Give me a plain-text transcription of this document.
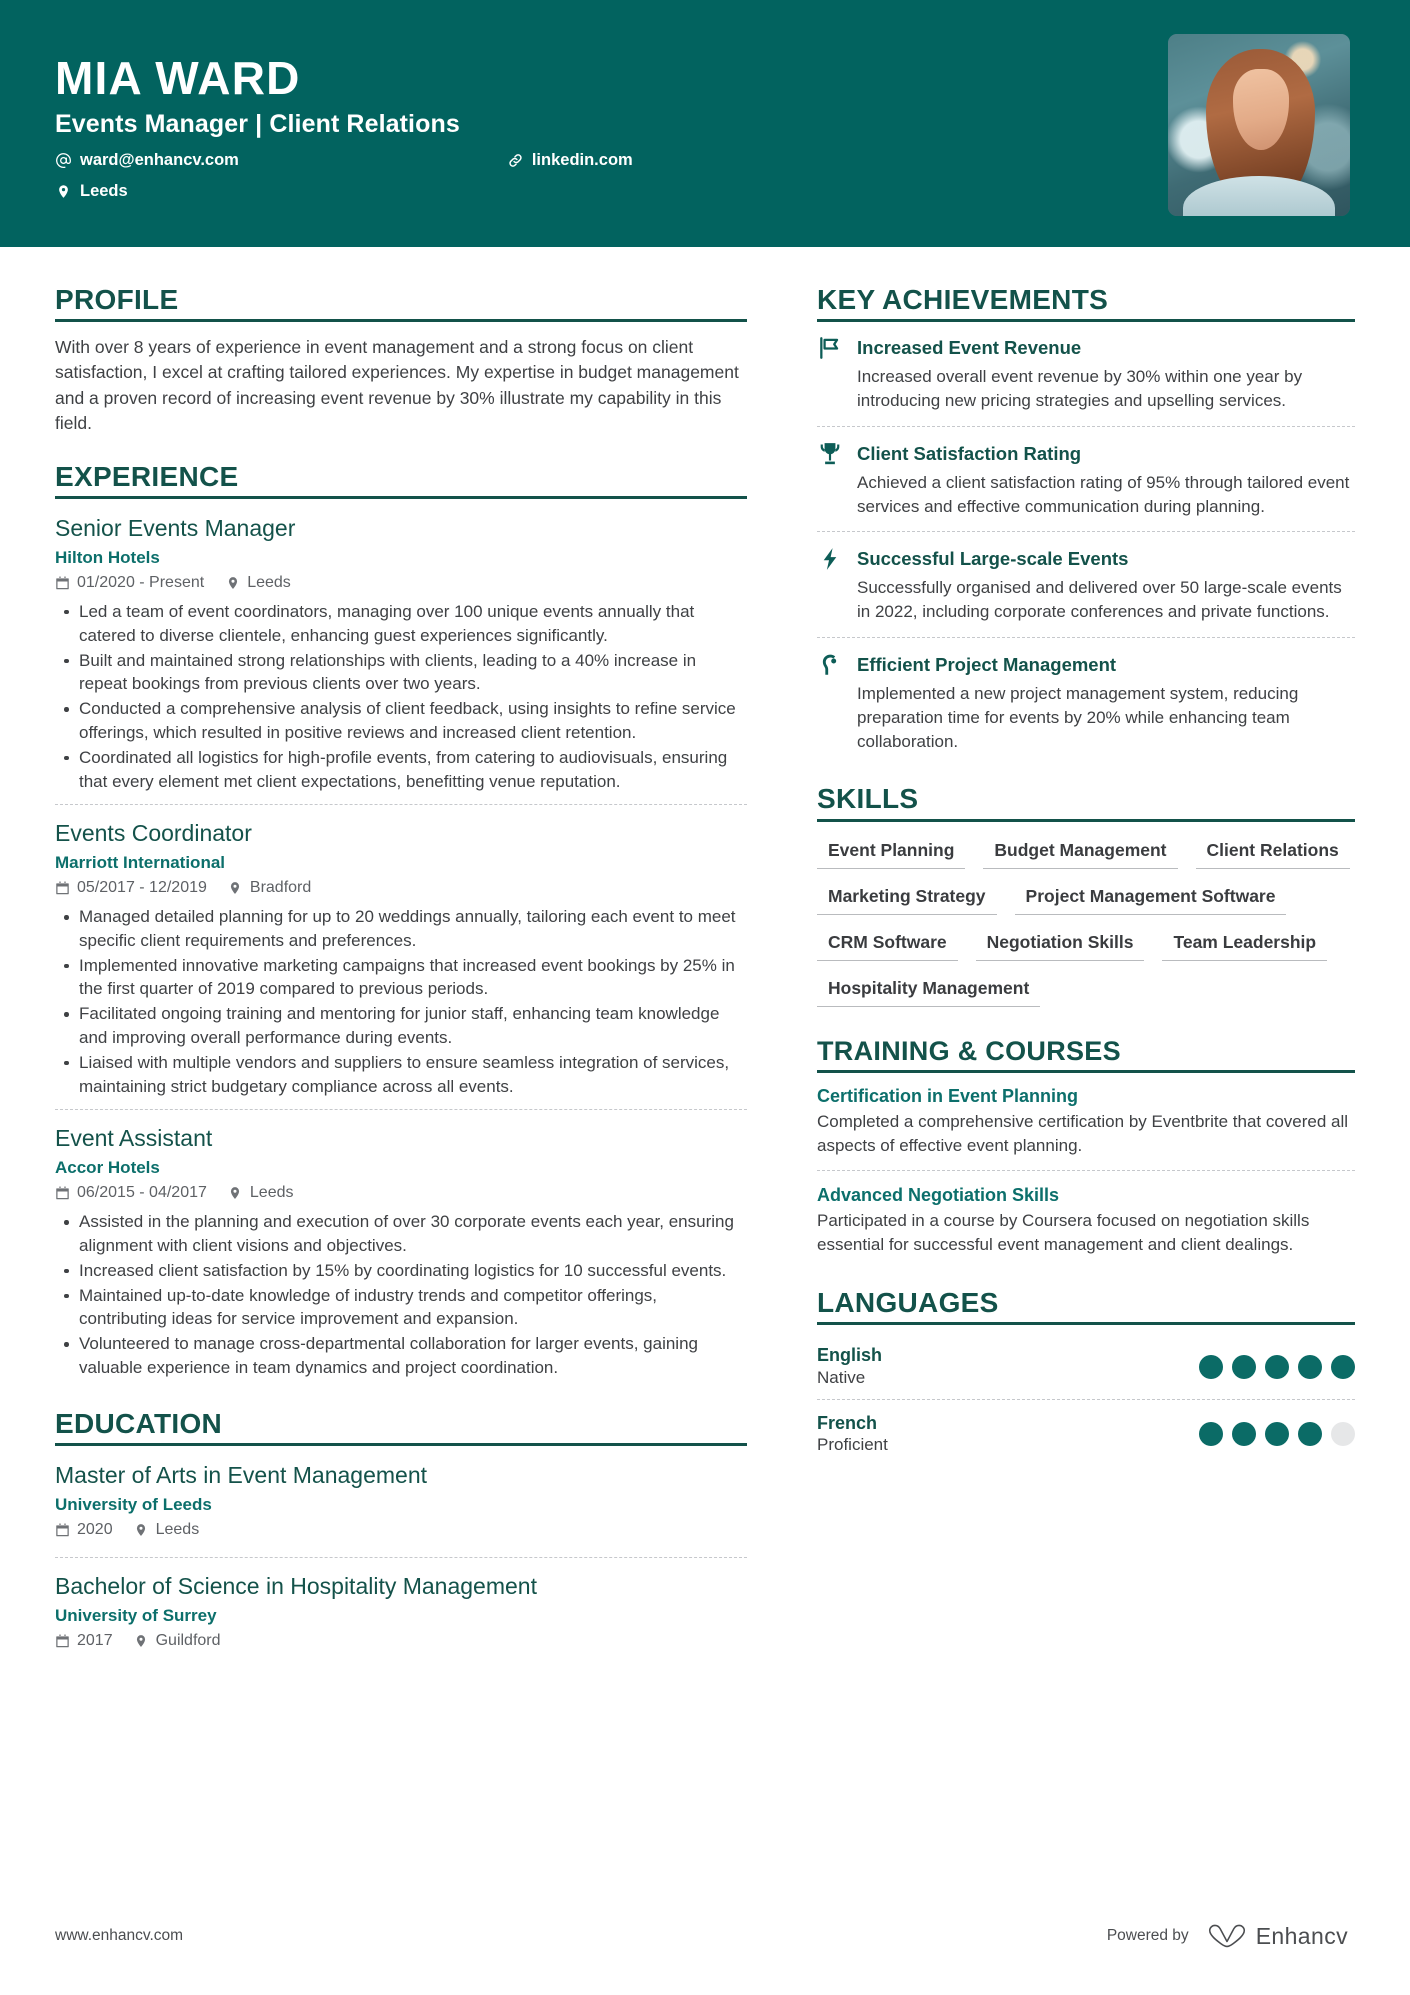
MIA WARD
Events Manager | Client Relations
ward@enhancv.com	linkedin.com
Leeds
PROFILE
With over 8 years of experience in event management and a strong focus on client satisfaction, I excel at crafting tailored experiences. My expertise in budget management and a proven record of increasing event revenue by 30% illustrate my capability in this field.
EXPERIENCE
Senior Events Manager
Hilton Hotels
01/2020 - Present	Leeds
Led a team of event coordinators, managing over 100 unique events annually that catered to diverse clientele, enhancing guest experiences significantly.
Built and maintained strong relationships with clients, leading to a 40% increase in repeat bookings from previous clients over two years.
Conducted a comprehensive analysis of client feedback, using insights to refine service offerings, which resulted in positive reviews and increased client retention.
Coordinated all logistics for high-profile events, from catering to audiovisuals, ensuring that every element met client expectations, benefitting venue reputation.
Events Coordinator
Marriott International
05/2017 - 12/2019	Bradford
Managed detailed planning for up to 20 weddings annually, tailoring each event to meet specific client requirements and preferences.
Implemented innovative marketing campaigns that increased event bookings by 25% in the first quarter of 2019 compared to previous periods.
Facilitated ongoing training and mentoring for junior staff, enhancing team knowledge and improving overall performance during events.
Liaised with multiple vendors and suppliers to ensure seamless integration of services, maintaining strict budgetary compliance across all events.
Event Assistant
Accor Hotels
06/2015 - 04/2017	Leeds
Assisted in the planning and execution of over 30 corporate events each year, ensuring alignment with client visions and objectives.
Increased client satisfaction by 15% by coordinating logistics for 10 successful events.
Maintained up-to-date knowledge of industry trends and competitor offerings, contributing ideas for service improvement and expansion.
Volunteered to manage cross-departmental collaboration for larger events, gaining valuable experience in team dynamics and project coordination.
EDUCATION
Master of Arts in Event Management
University of Leeds
2020	Leeds
Bachelor of Science in Hospitality Management
University of Surrey
2017	Guildford
KEY ACHIEVEMENTS
Increased Event Revenue
Increased overall event revenue by 30% within one year by introducing new pricing strategies and upselling services.
Client Satisfaction Rating
Achieved a client satisfaction rating of 95% through tailored event services and effective communication during planning.
Successful Large-scale Events
Successfully organised and delivered over 50 large-scale events in 2022, including corporate conferences and private functions.
Efficient Project Management
Implemented a new project management system, reducing preparation time for events by 20% while enhancing team collaboration.
SKILLS
Event Planning	Budget Management	Client Relations
Marketing Strategy	Project Management Software
CRM Software	Negotiation Skills	Team Leadership
Hospitality Management
TRAINING & COURSES
Certification in Event Planning
Completed a comprehensive certification by Eventbrite that covered all aspects of effective event planning.
Advanced Negotiation Skills
Participated in a course by Coursera focused on negotiation skills essential for successful event management and client dealings.
LANGUAGES
English
Native
French
Proficient
www.enhancv.com	Powered by	Enhancv
